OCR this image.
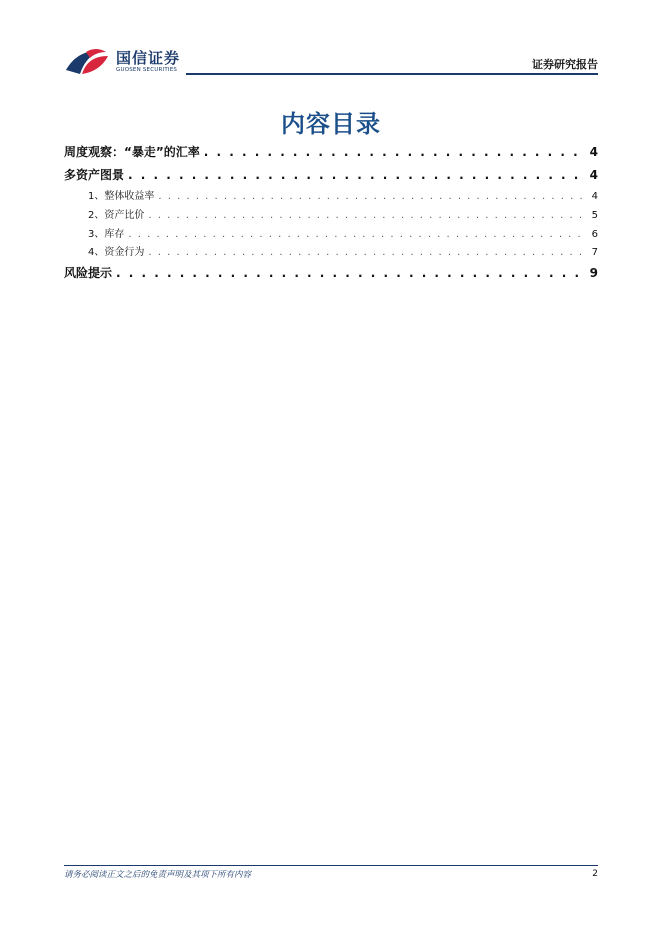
国信证券
GUOSEN SECURITIES	证券研究报告
内容目录
周度观察：“暴走”的汇率 . . .	4
多资产图景 . . .	4
1、整体收益率 . . .	4
2、资产比价 . . .	5
3、库存 . . .	6
4、资金行为 . . .	7
风险提示 . . .	9
请务必阅读正文之后的免责声明及其项下所有内容	2
